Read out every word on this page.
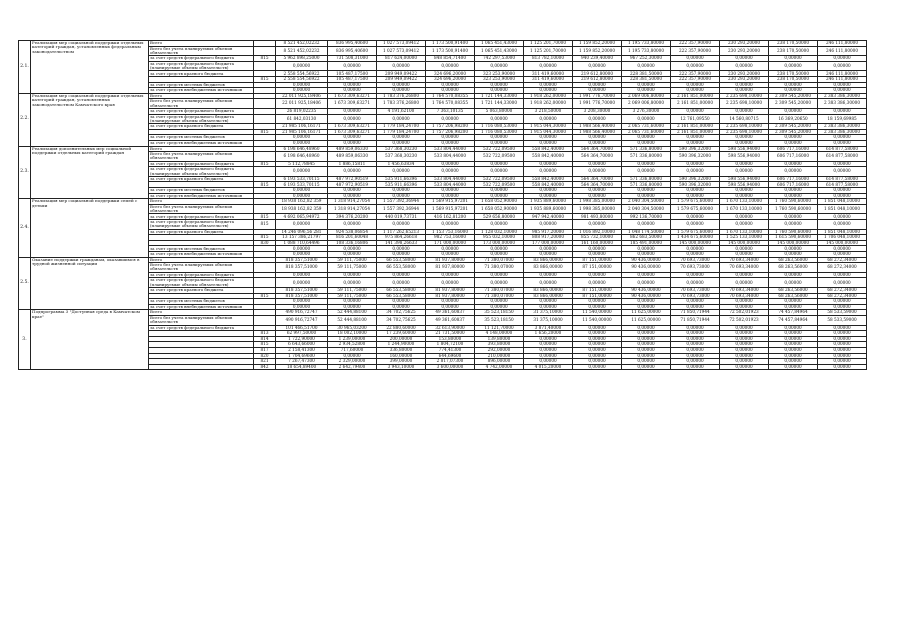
2.1.	Реализация мер социальной поддержки отдельных категорий граждан, установленных федеральным законодательством	Всего		8 521 452,02232	836 995,40600	1 027 573,09412	1 173 500,91400	1 065 451,43000	1 125 201,70000	1 159 852,20000	1 195 733,80000	222 357,90000	230 293,20000	238 170,50000	246 111,80000
		Всего без учета планируемых объемов обязательств		8 521 452,02232	836 995,40600	1 027 573,09412	1 173 500,91400	1 065 451,43000	1 125 201,70000	1 159 852,20000	1 195 733,80000	222 357,90000	230 293,20000	238 170,50000	246 111,80000
		за счет средств федерального бюджета	815	5 962 898,25000	731 508,31000	817 624,00000	848 854,71400	742 297,53000	813 782,10000	940 239,40000	967 252,30000	0,00000	0,00000	0,00000	0,00000
		за счет средств федерального бюджета (планируемые объемы обязательств)		0,00000	0,00000	0,00000	0,00000	0,00000	0,00000	0,00000	0,00000	0,00000	0,00000	0,00000	0,00000
		за счет средств краевого бюджета		2 558 554,56922	105 487,17500	209 949,09422	324 696,20000	323 253,90000	311 419,60000	219 612,80000	228 381,50000	222 357,90000	230 293,20000	238 170,50000	246 111,80000
			815	2 558 554,56922	105 487,17500	209 949,09422	324 696,20000	323 253,90000	311 419,60000	219 612,80000	228 381,50000	222 357,90000	230 293,20000	238 170,50000	246 111,80000
		за счет средств местных бюджетов		0,00000	0,00000	0,00000	0,00000	0,00000	0,00000	0,00000	0,00000	0,00000	0,00000	0,00000	0,00000
		за счет средств внебюджетных источников		0,00000	0,00000	0,00000	0,00000	0,00000	0,00000	0,00000	0,00000	0,00000	0,00000	0,00000	0,00000
2.2.	Реализация мер социальной поддержки отдельных категорий граждан, установленных законодательством Камчатского края	Всего		22 011 925,18406	1 673 309,63271	1 783 376,26800	1 764 570,08355	1 721 144,33000	1 918 262,00000	1 991 776,70000	2 069 006,80000	2 161 851,00000	2 235 698,10000	2 309 545,20000	2 383 386,30000
		Всего без учета планируемых объемов обязательств		22 011 925,18406	1 673 309,63271	1 783 376,26800	1 764 570,08355	1 721 144,33000	1 918 262,00000	1 991 776,70000	2 069 006,80000	2 161 851,00000	2 235 698,10000	2 309 545,20000	2 383 386,30000
		за счет средств федерального бюджета		26 819,02235	0,00000	4 191,62100	7 363,10135	5 063,80000	3 218,50000	3 208,30000	3 276,30000	0,00000	0,00000	0,00000	0,00000
		за счет средств федерального бюджета (планируемые объемы обязательств)		61 842,03130	0,00000	0,00000	0,00000	0,00000	0,00000	0,00000	0,00000	12 761,09550	14 560,80715	16 369,20650	18 159,69985
		за счет средств краевого бюджета		21 985 106,16171	1 673 309,63271	1 779 184,24700	1 757 206,98200	1 716 080,53000	1 915 044,30000	1 988 566,40000	2 065 731,60000	2 161 851,00000	2 235 698,10000	2 309 545,20000	2 383 386,30000
			815	21 985 106,16171	1 673 309,63271	1 779 184,24700	1 757 206,98200	1 716 080,53000	1 915 044,30000	1 988 566,40000	2 065 731,60000	2 161 851,00000	2 235 698,10000	2 309 545,20000	2 383 386,30000
		за счет средств местных бюджетов		0,00000	0,00000	0,00000	0,00000	0,00000	0,00000	0,00000	0,00000	0,00000	0,00000	0,00000	0,00000
		за счет средств внебюджетных источников		0,00000	0,00000	0,00000	0,00000	0,00000	0,00000	0,00000	0,00000	0,00000	0,00000	0,00000	0,00000
2.3.	Реализация дополнительных мер социальной поддержки отдельных категорий граждан	Всего		6 198 646,48960	489 859,06330	537 368,30230	533 804,44000	532 722,09500	558 842,40000	564 364,70000	571 336,80000	590 396,32000	598 556,94000	606 717,16000	614 877,58000
		Всего без учета планируемых объемов обязательств		6 198 646,48960	489 859,06330	537 368,30230	533 804,44000	532 722,09500	558 842,40000	564 364,70000	571 336,80000	590 396,32000	598 556,94000	606 717,16000	614 877,58000
		за счет средств федерального бюджета	815	5 112,78845	1 886,15811	1 456,63834	0,00000	0,00000	0,00000	0,00000	0,00000	0,00000	0,00000	0,00000	0,00000
		за счет средств федерального бюджета (планируемые объемы обязательств)		0,00000	0,00000	0,00000	0,00000	0,00000	0,00000	0,00000	0,00000	0,00000	0,00000	0,00000	0,00000
		за счет средств краевого бюджета		6 193 533,70115	487 972,90519	535 911,66396	533 804,44000	532 722,09500	558 842,40000	564 364,70000	571 336,80000	590 396,32000	598 556,94000	606 717,16000	614 877,58000
			815	6 193 533,70115	487 972,90519	535 911,66396	533 804,44000	532 722,09500	558 842,40000	564 364,70000	571 336,80000	590 396,32000	598 556,94000	606 717,16000	614 877,58000
		за счет средств местных бюджетов		0,00000	0,00000	0,00000	0,00000	0,00000	0,00000	0,00000	0,00000	0,00000	0,00000	0,00000	0,00000
		за счет средств внебюджетных источников		0,00000	0,00000	0,00000	0,00000	0,00000	0,00000	0,00000	0,00000	0,00000	0,00000	0,00000	0,00000
2.4.	Реализация мер социальной поддержки семей с детьми	Всего		18 938 162,82 359	1 318 914,27054	1 557 392,36944	1 569 915,97201	1 658 052,90000	1 935 889,60000	1 998 385,00000	2 040 304,50000	1 579 675,60000	1 670 133,10000	1 760 590,60000	1 851 048,10000
		Всего без учета планируемых объемов обязательств		18 938 162,82 359	1 318 914,27054	1 557 392,36944	1 569 915,97201	1 658 052,90000	1 935 889,60000	1 998 385,00000	2 040 304,50000	1 579 675,60000	1 670 133,10000	1 760 590,60000	1 851 048,10000
		за счет средств федерального бюджета	815	4 692 065,94972	394 376,20200	440 019,73731	416 162,81200	529 656,80000	947 942,40000	981 493,80000	992 136,70000	0,00000	0,00000	0,00000	0,00000
		за счет средств федерального бюджета (планируемые объемы обязательств)	815	0,00000	0,00000	0,00000	0,00000	0,00000	0,00000	0,00000	0,00000	0,00000	0,00000	0,00000	0,00000
		за счет средств краевого бюджета		14 246 096,56 281	924 538,06854	1 117 262,65213	1 153 753,16000	1 128 032,10000	985 917,20000	1 016 892,10000	1 048 174,50000	1 579 675,60000	1 670 133,10000	1 760 590,60000	1 851 048,10000
			815	13 157 386,21797	816 201,60048	975 864,26618	982 753,16000	955 032,10000	808 917,20000	855 732,10000	862 683,50000	1 434 675,60000	1 525 133,10000	1 615 590,60000	1 706 048,10000
			830	1 088 710,64496	108 336,16806	141 398,26633	171 000,00000	173 000,00000	177 000,00000	161 160,00000	185 491,00000	145 000,00000	145 000,00000	145 000,00000	145 000,00000
		за счет средств местных бюджетов		0,00000	0,00000	0,00000	0,00000	0,00000	0,00000	0,00000	0,00000	0,00000	0,00000	0,00000	0,00000
		за счет средств внебюджетных источников		0,00000	0,00000	0,00000	0,00000	0,00000	0,00000	0,00000	0,00000	0,00000	0,00000	0,00000	0,00000
2.5.	Оказание поддержки гражданам, оказавшимся в трудной жизненной ситуации	Всего		818 357,51000	59 111,75000	66 553,58000	81 937,80000	71 380,07000	83 866,00000	87 151,00000	90 436,00000	70 693,73000	70 693,34000	68 263,56000	68 272,34000
		Всего без учета планируемых объемов обязательств		818 357,51000	59 111,75000	66 553,58000	81 937,80000	71 380,07000	83 866,00000	87 151,00000	90 436,00000	70 693,73000	70 693,34000	68 263,56000	68 272,34000
		за счет средств федерального бюджета		0,00000	0,00000	0,00000	0,00000	0,00000	0,00000	0,00000	0,00000	0,00000	0,00000	0,00000	0,00000
		за счет средств федерального бюджета (планируемые объемы обязательств)		0,00000	0,00000	0,00000	0,00000	0,00000	0,00000	0,00000	0,00000	0,00000	0,00000	0,00000	0,00000
		за счет средств краевого бюджета		818 357,51000	59 111,75000	66 553,58000	81 937,80000	71 380,07000	83 866,00000	87 151,00000	90 436,00000	70 693,73000	70 693,34000	68 263,56000	68 272,34000
			815	818 357,51000	59 111,75000	66 553,58000	81 937,80000	71 380,07000	83 866,00000	87 151,00000	90 436,00000	70 693,73000	70 693,34000	68 263,56000	68 272,34000
		за счет средств местных бюджетов		0,00000	0,00000	0,00000	0,00000	0,00000	0,00000	0,00000	0,00000	0,00000	0,00000	0,00000	0,00000
		за счет средств внебюджетных источников		0,00000	0,00000	0,00000	0,00000	0,00000	0,00000	0,00000	0,00000	0,00000	0,00000	0,00000	0,00000
3.	Подпрограмма 3 "Доступная среда в Камчатском крае"	Всего		490 916,72747	52 444,88100	34 702,75625	49 361,60837	35 523,18150	31 375,10000	11 540,00000	11 625,00000	71 850,71944	72 502,01923	74 457,84964	58 533,59000
		Всего без учета планируемых объемов обязательств		490 916,72747	52 444,88100	34 702,75625	49 361,60837	35 523,18150	31 375,10000	11 540,00000	11 625,00000	71 850,71944	72 502,01923	74 457,84964	58 533,59000
		за счет средств федерального бюджета		101 466,51700	30 965,03200	22 880,60000	32 613,90000	11 121,70000	3 871,40000	0,00000	0,00000	0,00000	0,00000	0,00000	0,00000
			813	62 997,50000	18 002,10000	17 239,60000	21 731,50000	4 148,00000	1 656,20000	0,00000	0,00000	0,00000	0,00000	0,00000	0,00000
			814	1 722,90000	1 239,00000	200,00000	153,80000	139,80000	0,00000	0,00000	0,00000	0,00000	0,00000	0,00000	0,00000
			815	6 643,66000	2 934,52800	1 244,90000	1 804,72100	393,80000	0,00000	0,00000	0,00000	0,00000	0,00000	0,00000	0,00000
			817	2 158,41300	717,60000	336,80000	774,41300	292,00000	0,00000	0,00000	0,00000	0,00000	0,00000	0,00000	0,00000
			820	1 704,69600	0,00000	160,00000	644,69600	210,00000	0,00000	0,00000	0,00000	0,00000	0,00000	0,00000	0,00000
			821	7 267,47300	2 329,00000	399,00000	2 817,07300	896,00000	0,00000	0,00000	0,00000	0,00000	0,00000	0,00000	0,00000
			842	18 654,89400	2 642,79400	3 943,10000	3 600,00000	4 742,00000	4 015,20000	0,00000	0,00000	0,00000	0,00000	0,00000	0,00000
